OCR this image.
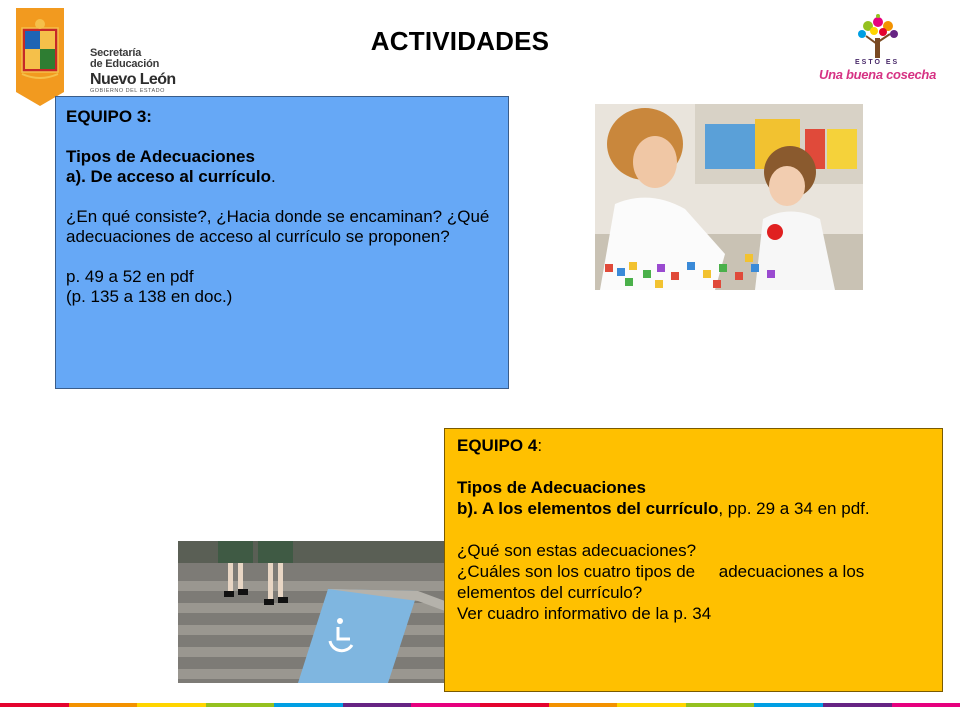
Secretaría
de Educación
Nuevo León
GOBIERNO DEL ESTADO
ACTIVIDADES
ESTO ES
Una buena cosecha
EQUIPO 3:
Tipos de Adecuaciones
a). De acceso al currículo.
¿En qué consiste?, ¿Hacia donde se encaminan? ¿Qué adecuaciones de acceso al currículo se proponen?
p. 49 a 52 en pdf
(p. 135 a 138 en doc.)
EQUIPO 4:
Tipos de Adecuaciones
b). A los elementos del currículo, pp. 29 a 34 en pdf.
¿Qué son estas adecuaciones?
¿Cuáles son los cuatro tipos de     adecuaciones a los elementos del currículo?
Ver cuadro informativo de la p. 34
